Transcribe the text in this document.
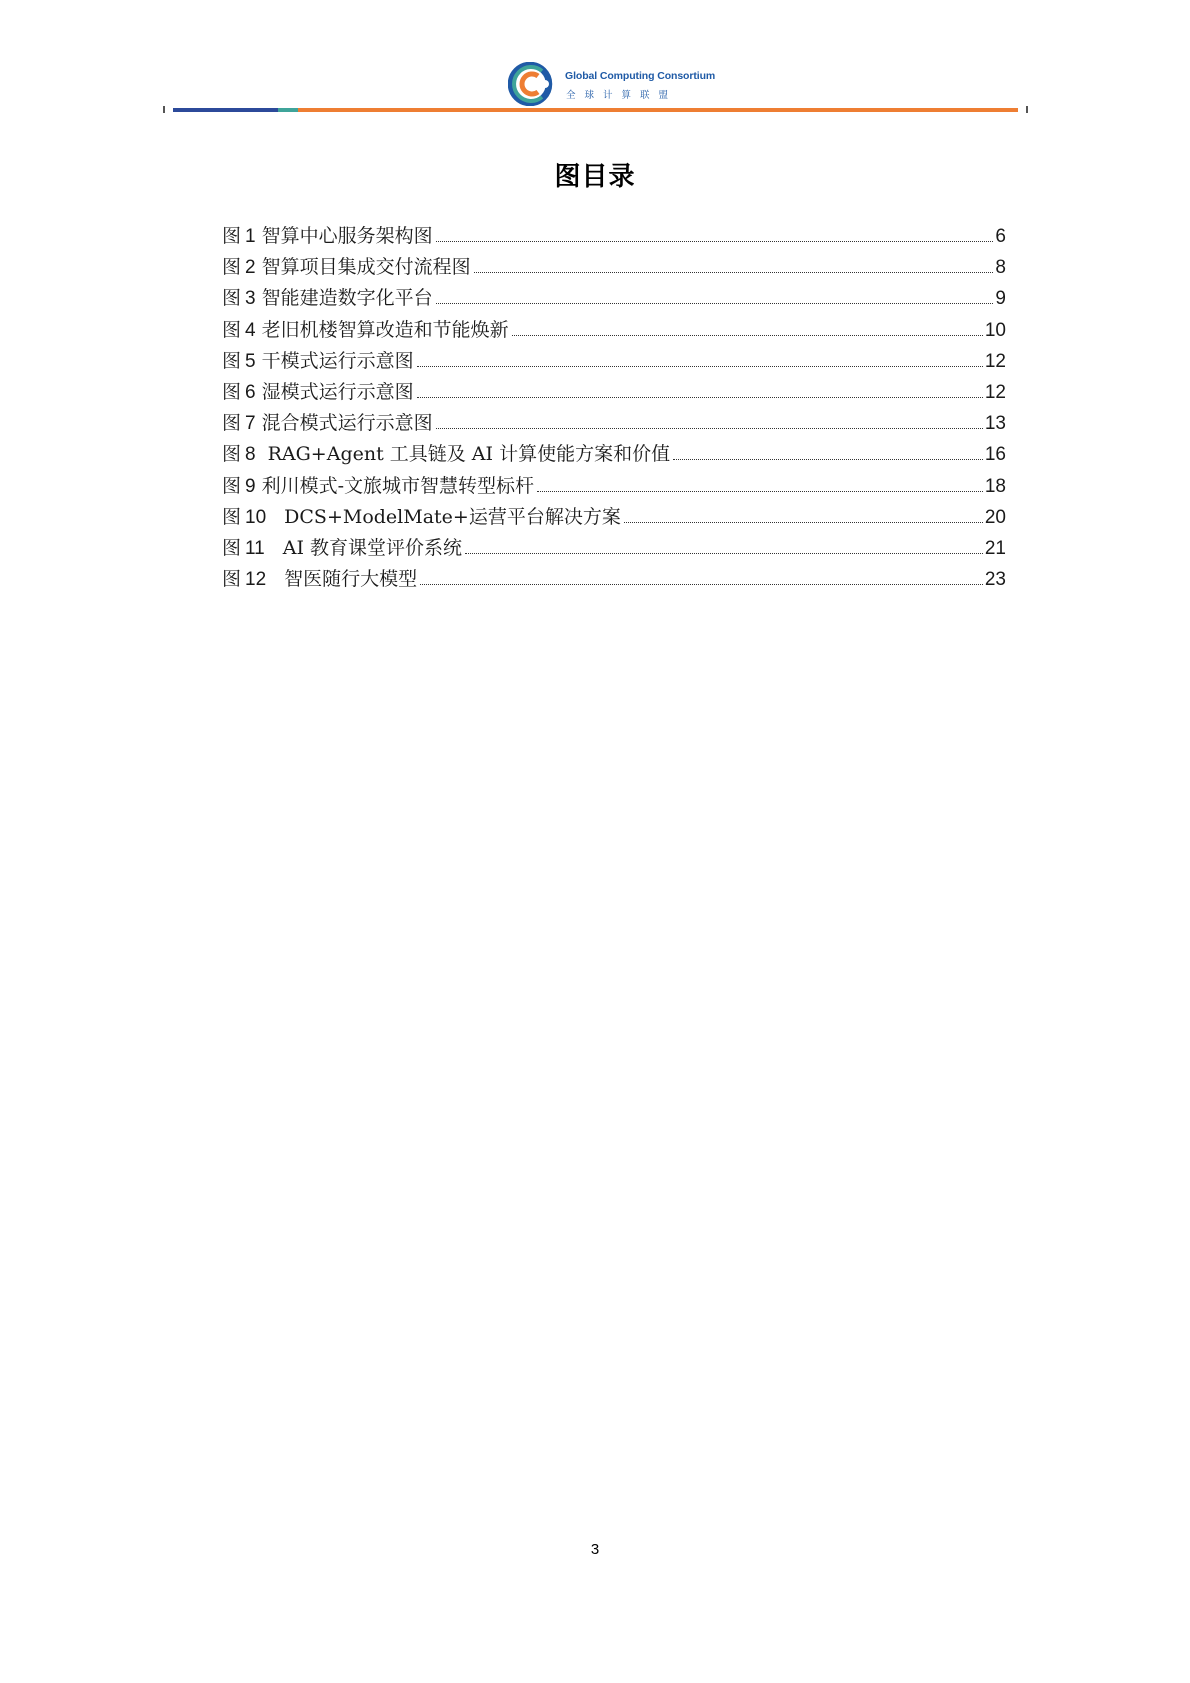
Global Computing Consortium
全球计算联盟
图目录
图 1 智算中心服务架构图	6
图 2 智算项目集成交付流程图	8
图 3 智能建造数字化平台	9
图 4 老旧机楼智算改造和节能焕新	10
图 5 干模式运行示意图	12
图 6 湿模式运行示意图	12
图 7 混合模式运行示意图	13
图 8 RAG+Agent 工具链及 AI 计算使能方案和价值	16
图 9 利川模式-文旅城市智慧转型标杆	18
图 10 DCS+ModelMate+运营平台解决方案	20
图 11 AI 教育课堂评价系统	21
图 12 智医随行大模型	23
3
